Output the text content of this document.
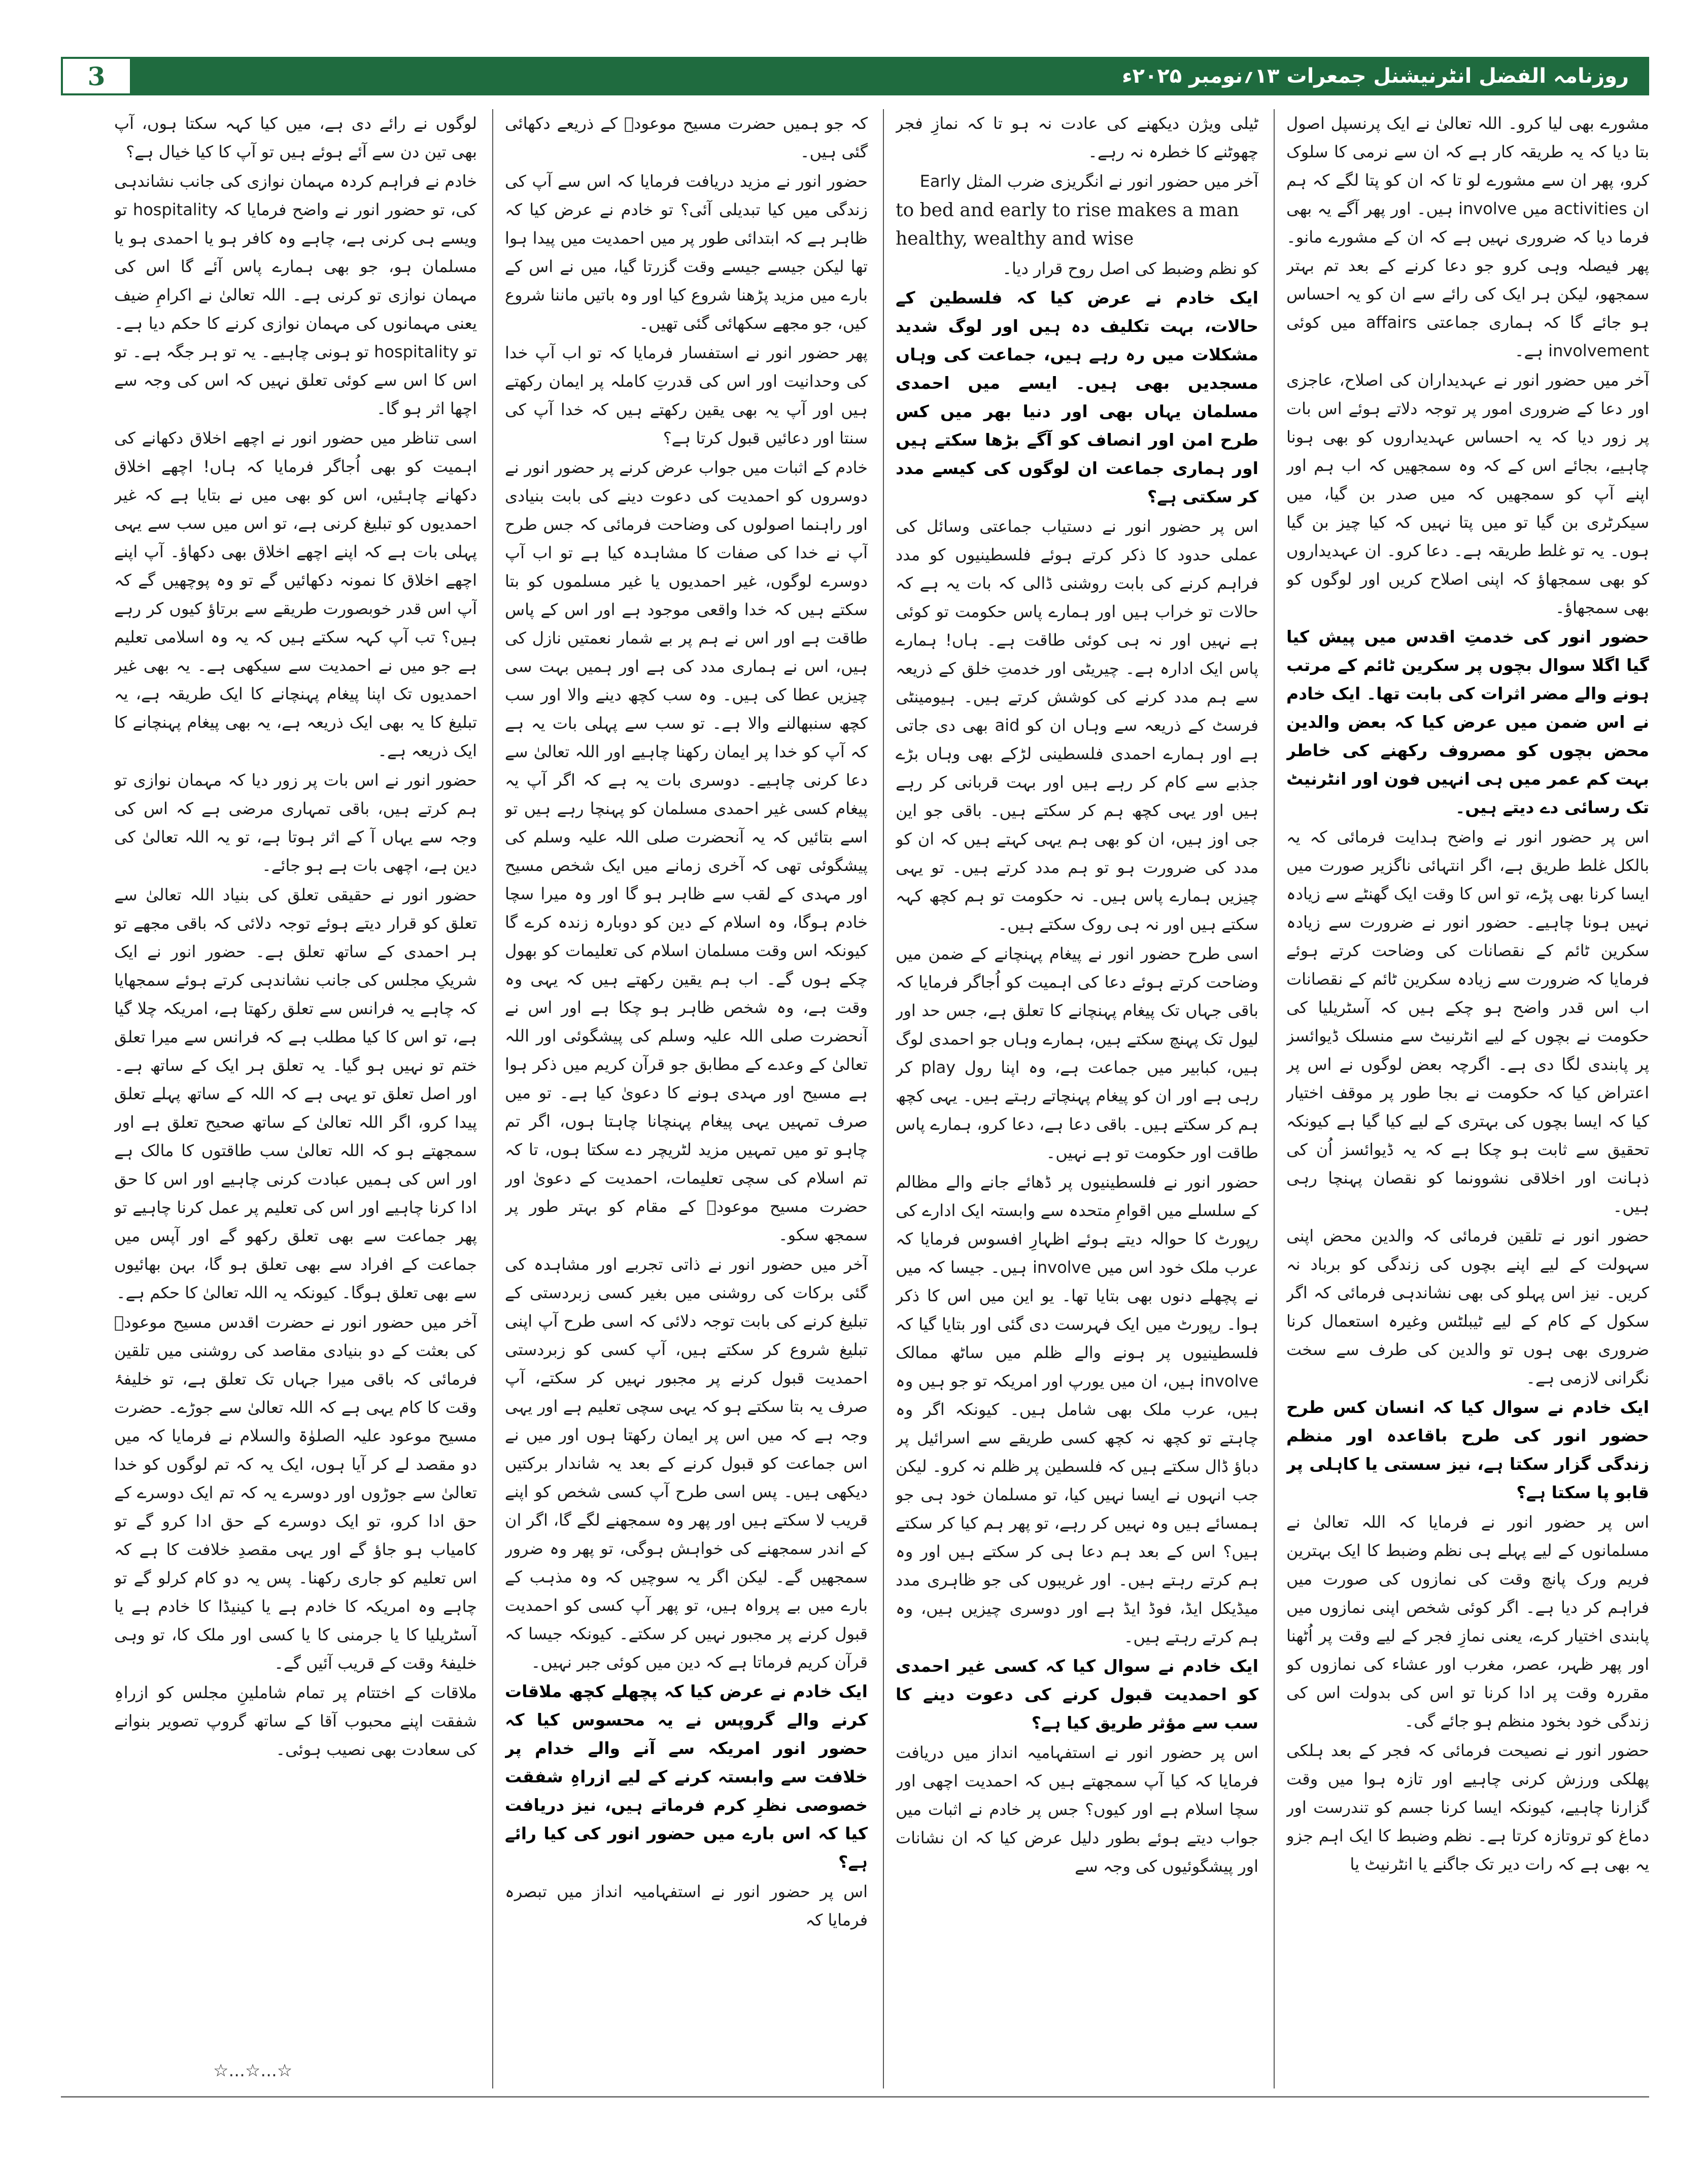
3	روزنامہ الفضل انٹرنیشنل جمعرات ۱۳؍نومبر ۲۰۲۵ء

مشورے بھی لیا کرو۔ اللہ تعالیٰ نے ایک پرنسپل اصول بتا دیا کہ یہ طریقہ کار ہے کہ ان سے نرمی کا سلوک کرو، پھر ان سے مشورے لو تا کہ ان کو پتا لگے کہ ہم ان activities میں involve ہیں۔ اور پھر آگے یہ بھی فرما دیا کہ ضروری نہیں ہے کہ ان کے مشورے مانو۔ پھر فیصلہ وہی کرو جو دعا کرنے کے بعد تم بہتر سمجھو، لیکن ہر ایک کی رائے سے ان کو یہ احساس ہو جائے گا کہ ہماری جماعتی affairs میں کوئی involvement ہے۔

آخر میں حضور انور نے عہدیداران کی اصلاح، عاجزی اور دعا کے ضروری امور پر توجہ دلاتے ہوئے اس بات پر زور دیا کہ یہ احساس عہدیداروں کو بھی ہونا چاہیے، بجائے اس کے کہ وہ سمجھیں کہ اب ہم اور اپنے آپ کو سمجھیں کہ میں صدر بن گیا، میں سیکرٹری بن گیا تو میں پتا نہیں کہ کیا چیز بن گیا ہوں۔ یہ تو غلط طریقہ ہے۔ دعا کرو۔ ان عہدیداروں کو بھی سمجھاؤ کہ اپنی اصلاح کریں اور لوگوں کو بھی سمجھاؤ۔

حضور انور کی خدمتِ اقدس میں پیش کیا گیا اگلا سوال بچوں پر سکرین ٹائم کے مرتب ہونے والے مضر اثرات کی بابت تھا۔ ایک خادم نے اس ضمن میں عرض کیا کہ بعض والدین محض بچوں کو مصروف رکھنے کی خاطر بہت کم عمر میں ہی انہیں فون اور انٹرنیٹ تک رسائی دے دیتے ہیں۔

اس پر حضور انور نے واضح ہدایت فرمائی کہ یہ بالکل غلط طریق ہے، اگر انتہائی ناگزیر صورت میں ایسا کرنا بھی پڑے، تو اس کا وقت ایک گھنٹے سے زیادہ نہیں ہونا چاہیے۔ حضور انور نے ضرورت سے زیادہ سکرین ٹائم کے نقصانات کی وضاحت کرتے ہوئے فرمایا کہ ضرورت سے زیادہ سکرین ٹائم کے نقصانات اب اس قدر واضح ہو چکے ہیں کہ آسٹریلیا کی حکومت نے بچوں کے لیے انٹرنیٹ سے منسلک ڈیوائسز پر پابندی لگا دی ہے۔ اگرچہ بعض لوگوں نے اس پر اعتراض کیا کہ حکومت نے بجا طور پر موقف اختیار کیا کہ ایسا بچوں کی بہتری کے لیے کیا گیا ہے کیونکہ تحقیق سے ثابت ہو چکا ہے کہ یہ ڈیوائسز اُن کی ذہانت اور اخلاقی نشوونما کو نقصان پہنچا رہی ہیں۔

حضور انور نے تلقین فرمائی کہ والدین محض اپنی سہولت کے لیے اپنے بچوں کی زندگی کو برباد نہ کریں۔ نیز اس پہلو کی بھی نشاندہی فرمائی کہ اگر سکول کے کام کے لیے ٹیبلٹس وغیرہ استعمال کرنا ضروری بھی ہوں تو والدین کی طرف سے سخت نگرانی لازمی ہے۔

ایک خادم نے سوال کیا کہ انسان کس طرح حضور انور کی طرح باقاعدہ اور منظم زندگی گزار سکتا ہے، نیز سستی یا کاہلی پر قابو پا سکتا ہے؟

اس پر حضور انور نے فرمایا کہ اللہ تعالیٰ نے مسلمانوں کے لیے پہلے ہی نظم وضبط کا ایک بہترین فریم ورک پانچ وقت کی نمازوں کی صورت میں فراہم کر دیا ہے۔ اگر کوئی شخص اپنی نمازوں میں پابندی اختیار کرے، یعنی نمازِ فجر کے لیے وقت پر اُٹھنا اور پھر ظہر، عصر، مغرب اور عشاء کی نمازوں کو مقررہ وقت پر ادا کرنا تو اس کی بدولت اس کی زندگی خود بخود منظم ہو جائے گی۔

حضور انور نے نصیحت فرمائی کہ فجر کے بعد ہلکی پھلکی ورزش کرنی چاہیے اور تازہ ہوا میں وقت گزارنا چاہیے، کیونکہ ایسا کرنا جسم کو تندرست اور دماغ کو تروتازہ کرتا ہے۔ نظم وضبط کا ایک اہم جزو یہ بھی ہے کہ رات دیر تک جاگنے یا انٹرنیٹ یا

ٹیلی ویژن دیکھنے کی عادت نہ ہو تا کہ نمازِ فجر چھوٹنے کا خطرہ نہ رہے۔

آخر میں حضور انور نے انگریزی ضرب المثل Early

to bed and early to rise makes a man healthy, wealthy and wise

کو نظم وضبط کی اصل روح قرار دیا۔

ایک خادم نے عرض کیا کہ فلسطین کے حالات، بہت تکلیف دہ ہیں اور لوگ شدید مشکلات میں رہ رہے ہیں، جماعت کی وہاں مسجدیں بھی ہیں۔ ایسے میں احمدی مسلمان یہاں بھی اور دنیا بھر میں کس طرح امن اور انصاف کو آگے بڑھا سکتے ہیں اور ہماری جماعت ان لوگوں کی کیسے مدد کر سکتی ہے؟

اس پر حضور انور نے دستیاب جماعتی وسائل کی عملی حدود کا ذکر کرتے ہوئے فلسطینیوں کو مدد فراہم کرنے کی بابت روشنی ڈالی کہ بات یہ ہے کہ حالات تو خراب ہیں اور ہمارے پاس حکومت تو کوئی ہے نہیں اور نہ ہی کوئی طاقت ہے۔ ہاں! ہمارے پاس ایک ادارہ ہے۔ چیریٹی اور خدمتِ خلق کے ذریعہ سے ہم مدد کرنے کی کوشش کرتے ہیں۔ ہیومینٹی فرسٹ کے ذریعہ سے وہاں ان کو aid بھی دی جاتی ہے اور ہمارے احمدی فلسطینی لڑکے بھی وہاں بڑے جذبے سے کام کر رہے ہیں اور بہت قربانی کر رہے ہیں اور یہی کچھ ہم کر سکتے ہیں۔ باقی جو این جی اوز ہیں، ان کو بھی ہم یہی کہتے ہیں کہ ان کو مدد کی ضرورت ہو تو ہم مدد کرتے ہیں۔ تو یہی چیزیں ہمارے پاس ہیں۔ نہ حکومت تو ہم کچھ کہہ سکتے ہیں اور نہ ہی روک سکتے ہیں۔

اسی طرح حضور انور نے پیغام پہنچانے کے ضمن میں وضاحت کرتے ہوئے دعا کی اہمیت کو اُجاگر فرمایا کہ باقی جہاں تک پیغام پہنچانے کا تعلق ہے، جس حد اور لیول تک پہنچ سکتے ہیں، ہمارے وہاں جو احمدی لوگ ہیں، کبابیر میں جماعت ہے، وہ اپنا رول play کر رہی ہے اور ان کو پیغام پہنچاتے رہتے ہیں۔ یہی کچھ ہم کر سکتے ہیں۔ باقی دعا ہے، دعا کرو، ہمارے پاس طاقت اور حکومت تو ہے نہیں۔

حضور انور نے فلسطینیوں پر ڈھائے جانے والے مظالم کے سلسلے میں اقوامِ متحدہ سے وابستہ ایک ادارے کی رپورٹ کا حوالہ دیتے ہوئے اظہارِ افسوس فرمایا کہ عرب ملک خود اس میں involve ہیں۔ جیسا کہ میں نے پچھلے دنوں بھی بتایا تھا۔ یو این میں اس کا ذکر ہوا۔ رپورٹ میں ایک فہرست دی گئی اور بتایا گیا کہ فلسطینیوں پر ہونے والے ظلم میں ساٹھ ممالک involve ہیں، ان میں یورپ اور امریکہ تو جو ہیں وہ ہیں، عرب ملک بھی شامل ہیں۔ کیونکہ اگر وہ چاہتے تو کچھ نہ کچھ کسی طریقے سے اسرائیل پر دباؤ ڈال سکتے ہیں کہ فلسطین پر ظلم نہ کرو۔ لیکن جب انہوں نے ایسا نہیں کیا، تو مسلمان خود ہی جو ہمسائے ہیں وہ نہیں کر رہے، تو پھر ہم کیا کر سکتے ہیں؟ اس کے بعد ہم دعا ہی کر سکتے ہیں اور وہ ہم کرتے رہتے ہیں۔ اور غریبوں کی جو ظاہری مدد میڈیکل ایڈ، فوڈ ایڈ ہے اور دوسری چیزیں ہیں، وہ ہم کرتے رہتے ہیں۔

ایک خادم نے سوال کیا کہ کسی غیر احمدی کو احمدیت قبول کرنے کی دعوت دینے کا سب سے مؤثر طریق کیا ہے؟

اس پر حضور انور نے استفہامیہ انداز میں دریافت فرمایا کہ کیا آپ سمجھتے ہیں کہ احمدیت اچھی اور سچا اسلام ہے اور کیوں؟ جس پر خادم نے اثبات میں جواب دیتے ہوئے بطور دلیل عرض کیا کہ ان نشانات اور پیشگوئیوں کی وجہ سے

کہ جو ہمیں حضرت مسیح موعودؑ کے ذریعے دکھائی گئی ہیں۔

حضور انور نے مزید دریافت فرمایا کہ اس سے آپ کی زندگی میں کیا تبدیلی آئی؟ تو خادم نے عرض کیا کہ ظاہر ہے کہ ابتدائی طور پر میں احمدیت میں پیدا ہوا تھا لیکن جیسے جیسے وقت گزرتا گیا، میں نے اس کے بارے میں مزید پڑھنا شروع کیا اور وہ باتیں ماننا شروع کیں، جو مجھے سکھائی گئی تھیں۔

پھر حضور انور نے استفسار فرمایا کہ تو اب آپ خدا کی وحدانیت اور اس کی قدرتِ کاملہ پر ایمان رکھتے ہیں اور آپ یہ بھی یقین رکھتے ہیں کہ خدا آپ کی سنتا اور دعائیں قبول کرتا ہے؟

خادم کے اثبات میں جواب عرض کرنے پر حضور انور نے دوسروں کو احمدیت کی دعوت دینے کی بابت بنیادی اور راہنما اصولوں کی وضاحت فرمائی کہ جس طرح آپ نے خدا کی صفات کا مشاہدہ کیا ہے تو اب آپ دوسرے لوگوں، غیر احمدیوں یا غیر مسلموں کو بتا سکتے ہیں کہ خدا واقعی موجود ہے اور اس کے پاس طاقت ہے اور اس نے ہم پر بے شمار نعمتیں نازل کی ہیں، اس نے ہماری مدد کی ہے اور ہمیں بہت سی چیزیں عطا کی ہیں۔ وہ سب کچھ دینے والا اور سب کچھ سنبھالنے والا ہے۔ تو سب سے پہلی بات یہ ہے کہ آپ کو خدا پر ایمان رکھنا چاہیے اور اللہ تعالیٰ سے دعا کرنی چاہیے۔ دوسری بات یہ ہے کہ اگر آپ یہ پیغام کسی غیر احمدی مسلمان کو پہنچا رہے ہیں تو اسے بتائیں کہ یہ آنحضرت صلی اللہ علیہ وسلم کی پیشگوئی تھی کہ آخری زمانے میں ایک شخص مسیح اور مہدی کے لقب سے ظاہر ہو گا اور وہ میرا سچا خادم ہوگا، وہ اسلام کے دین کو دوبارہ زندہ کرے گا کیونکہ اس وقت مسلمان اسلام کی تعلیمات کو بھول چکے ہوں گے۔ اب ہم یقین رکھتے ہیں کہ یہی وہ وقت ہے، وہ شخص ظاہر ہو چکا ہے اور اس نے آنحضرت صلی اللہ علیہ وسلم کی پیشگوئی اور اللہ تعالیٰ کے وعدے کے مطابق جو قرآن کریم میں ذکر ہوا ہے مسیح اور مہدی ہونے کا دعویٰ کیا ہے۔ تو میں صرف تمہیں یہی پیغام پہنچانا چاہتا ہوں، اگر تم چاہو تو میں تمہیں مزید لٹریچر دے سکتا ہوں، تا کہ تم اسلام کی سچی تعلیمات، احمدیت کے دعویٰ اور حضرت مسیح موعودؑ کے مقام کو بہتر طور پر سمجھ سکو۔

آخر میں حضور انور نے ذاتی تجربے اور مشاہدہ کی گئی برکات کی روشنی میں بغیر کسی زبردستی کے تبلیغ کرنے کی بابت توجہ دلائی کہ اسی طرح آپ اپنی تبلیغ شروع کر سکتے ہیں، آپ کسی کو زبردستی احمدیت قبول کرنے پر مجبور نہیں کر سکتے، آپ صرف یہ بتا سکتے ہو کہ یہی سچی تعلیم ہے اور یہی وجہ ہے کہ میں اس پر ایمان رکھتا ہوں اور میں نے اس جماعت کو قبول کرنے کے بعد یہ شاندار برکتیں دیکھی ہیں۔ پس اسی طرح آپ کسی شخص کو اپنے قریب لا سکتے ہیں اور پھر وہ سمجھنے لگے گا، اگر ان کے اندر سمجھنے کی خواہش ہوگی، تو پھر وہ ضرور سمجھیں گے۔ لیکن اگر یہ سوچیں کہ وہ مذہب کے بارے میں بے پرواہ ہیں، تو پھر آپ کسی کو احمدیت قبول کرنے پر مجبور نہیں کر سکتے۔ کیونکہ جیسا کہ قرآن کریم فرماتا ہے کہ دین میں کوئی جبر نہیں۔

ایک خادم نے عرض کیا کہ پچھلے کچھ ملاقات کرنے والے گروپس نے یہ محسوس کیا کہ حضور انور امریکہ سے آنے والے خدام پر خلافت سے وابستہ کرنے کے لیے ازراہِ شفقت خصوصی نظرِ کرم فرماتے ہیں، نیز دریافت کیا کہ اس بارے میں حضور انور کی کیا رائے ہے؟

اس پر حضور انور نے استفہامیہ انداز میں تبصرہ فرمایا کہ

لوگوں نے رائے دی ہے، میں کیا کہہ سکتا ہوں، آپ بھی تین دن سے آئے ہوئے ہیں تو آپ کا کیا خیال ہے؟

خادم نے فراہم کردہ مہمان نوازی کی جانب نشاندہی کی، تو حضور انور نے واضح فرمایا کہ hospitality تو ویسے ہی کرنی ہے، چاہے وہ کافر ہو یا احمدی ہو یا مسلمان ہو، جو بھی ہمارے پاس آئے گا اس کی مہمان نوازی تو کرنی ہے۔ اللہ تعالیٰ نے اکرامِ ضیف یعنی مہمانوں کی مہمان نوازی کرنے کا حکم دیا ہے۔ تو hospitality تو ہونی چاہیے۔ یہ تو ہر جگہ ہے۔ تو اس کا اس سے کوئی تعلق نہیں کہ اس کی وجہ سے اچھا اثر ہو گا۔

اسی تناظر میں حضور انور نے اچھے اخلاق دکھانے کی اہمیت کو بھی اُجاگر فرمایا کہ ہاں! اچھے اخلاق دکھانے چاہئیں، اس کو بھی میں نے بتایا ہے کہ غیر احمدیوں کو تبلیغ کرنی ہے، تو اس میں سب سے یہی پہلی بات ہے کہ اپنے اچھے اخلاق بھی دکھاؤ۔ آپ اپنے اچھے اخلاق کا نمونہ دکھائیں گے تو وہ پوچھیں گے کہ آپ اس قدر خوبصورت طریقے سے برتاؤ کیوں کر رہے ہیں؟ تب آپ کہہ سکتے ہیں کہ یہ وہ اسلامی تعلیم ہے جو میں نے احمدیت سے سیکھی ہے۔ یہ بھی غیر احمدیوں تک اپنا پیغام پہنچانے کا ایک طریقہ ہے، یہ تبلیغ کا یہ بھی ایک ذریعہ ہے، یہ بھی پیغام پہنچانے کا ایک ذریعہ ہے۔

حضور انور نے اس بات پر زور دیا کہ مہمان نوازی تو ہم کرتے ہیں، باقی تمہاری مرضی ہے کہ اس کی وجہ سے یہاں آ کے اثر ہوتا ہے، تو یہ اللہ تعالیٰ کی دین ہے، اچھی بات ہے ہو جائے۔

حضور انور نے حقیقی تعلق کی بنیاد اللہ تعالیٰ سے تعلق کو قرار دیتے ہوئے توجہ دلائی کہ باقی مجھے تو ہر احمدی کے ساتھ تعلق ہے۔ حضور انور نے ایک شریکِ مجلس کی جانب نشاندہی کرتے ہوئے سمجھایا کہ چاہے یہ فرانس سے تعلق رکھتا ہے، امریکہ چلا گیا ہے، تو اس کا کیا مطلب ہے کہ فرانس سے میرا تعلق ختم تو نہیں ہو گیا۔ یہ تعلق ہر ایک کے ساتھ ہے۔ اور اصل تعلق تو یہی ہے کہ اللہ کے ساتھ پہلے تعلق پیدا کرو، اگر اللہ تعالیٰ کے ساتھ صحیح تعلق ہے اور سمجھتے ہو کہ اللہ تعالیٰ سب طاقتوں کا مالک ہے اور اس کی ہمیں عبادت کرنی چاہیے اور اس کا حق ادا کرنا چاہیے اور اس کی تعلیم پر عمل کرنا چاہیے تو پھر جماعت سے بھی تعلق رکھو گے اور آپس میں جماعت کے افراد سے بھی تعلق ہو گا، بہن بھائیوں سے بھی تعلق ہوگا۔ کیونکہ یہ اللہ تعالیٰ کا حکم ہے۔

آخر میں حضور انور نے حضرت اقدس مسیح موعودؑ کی بعثت کے دو بنیادی مقاصد کی روشنی میں تلقین فرمائی کہ باقی میرا جہاں تک تعلق ہے، تو خلیفۂ وقت کا کام یہی ہے کہ اللہ تعالیٰ سے جوڑے۔ حضرت مسیح موعود علیہ الصلوٰۃ والسلام نے فرمایا کہ میں دو مقصد لے کر آیا ہوں، ایک یہ کہ تم لوگوں کو خدا تعالیٰ سے جوڑوں اور دوسرے یہ کہ تم ایک دوسرے کے حق ادا کرو، تو ایک دوسرے کے حق ادا کرو گے تو کامیاب ہو جاؤ گے اور یہی مقصدِ خلافت کا ہے کہ اس تعلیم کو جاری رکھنا۔ پس یہ دو کام کرلو گے تو چاہے وہ امریکہ کا خادم ہے یا کینیڈا کا خادم ہے یا آسٹریلیا کا یا جرمنی کا یا کسی اور ملک کا، تو وہی خلیفۂ وقت کے قریب آئیں گے۔

ملاقات کے اختتام پر تمام شاملینِ مجلس کو ازراہِ شفقت اپنے محبوب آقا کے ساتھ گروپ تصویر بنوانے کی سعادت بھی نصیب ہوئی۔

☆...☆...☆
